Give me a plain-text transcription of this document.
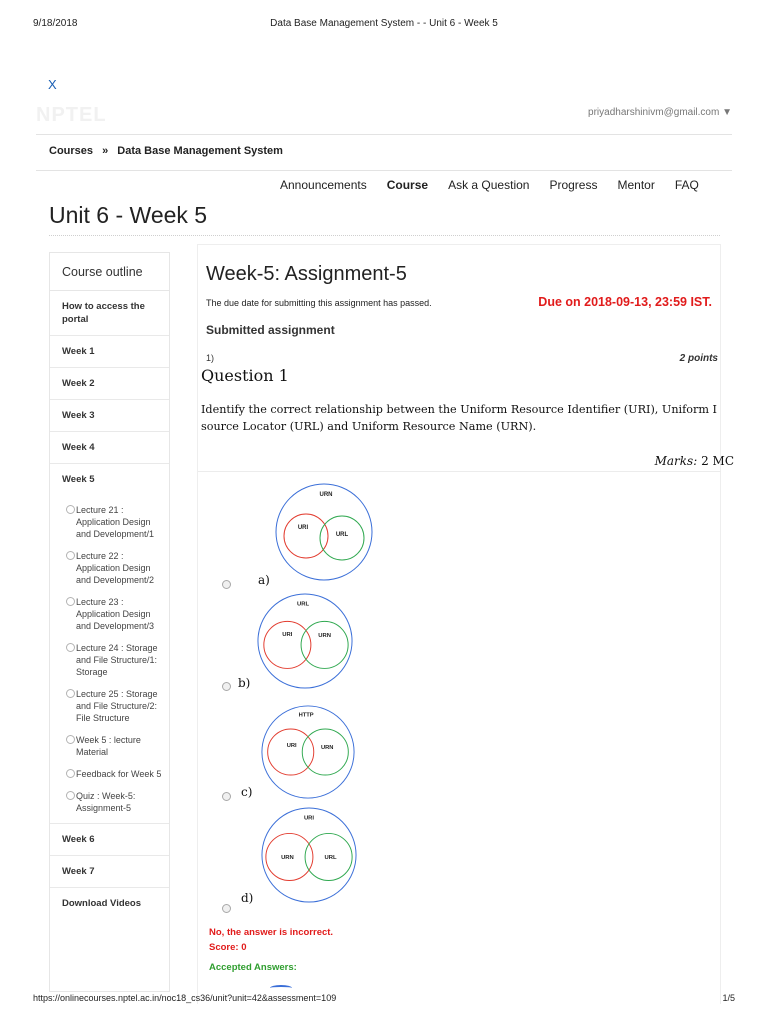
9/18/2018	Data Base Management System - - Unit 6 - Week 5
X
NPTEL	priyadharshinivm@gmail.com ▼
Courses » Data Base Management System
Announcements Course Ask a Question Progress Mentor FAQ
Unit 6 - Week 5
Course outline
How to access the portal
Week 1
Week 2
Week 3
Week 4
Week 5
Lecture 21 : Application Design and Development/1
Lecture 22 : Application Design and Development/2
Lecture 23 : Application Design and Development/3
Lecture 24 : Storage and File Structure/1: Storage
Lecture 25 : Storage and File Structure/2: File Structure
Week 5 : lecture Material
Feedback for Week 5
Quiz : Week-5: Assignment-5
Week 6
Week 7
Download Videos
Week-5: Assignment-5
The due date for submitting this assignment has passed.	Due on 2018-09-13, 23:59 IST.
Submitted assignment
1)	2 points
Question 1
Identify the correct relationship between the Uniform Resource Identifier (URI), Uniform I
source Locator (URL) and Uniform Resource Name (URN).
Marks: 2 MC
a)
URN
URI
URL
b)
URL
URI	URN
c)
HTTP
URI	URN
d)
URI
URN	URL
No, the answer is incorrect.
Score: 0
Accepted Answers:
https://onlinecourses.nptel.ac.in/noc18_cs36/unit?unit=42&assessment=109	1/5
